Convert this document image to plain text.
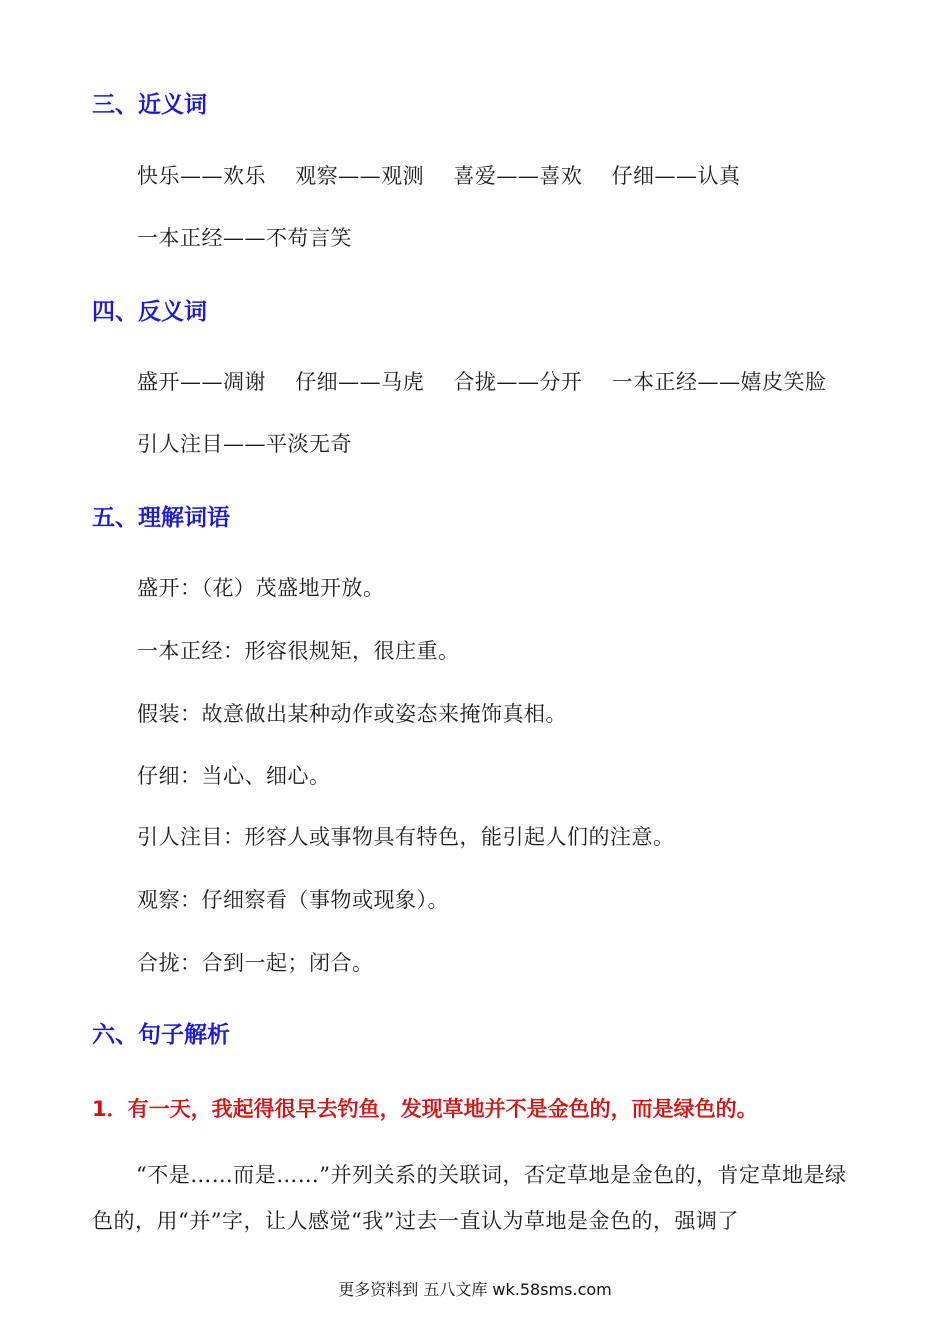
三、近义词
快乐——欢乐 观察——观测 喜爱——喜欢 仔细——认真
一本正经——不苟言笑
四、反义词
盛开——凋谢 仔细——马虎 合拢——分开 一本正经——嬉皮笑脸
引人注目——平淡无奇
五、理解词语
盛开：（花）茂盛地开放。
一本正经：形容很规矩，很庄重。
假装：故意做出某种动作或姿态来掩饰真相。
仔细：当心、细心。
引人注目：形容人或事物具有特色，能引起人们的注意。
观察：仔细察看（事物或现象）。
合拢：合到一起；闭合。
六、句子解析
1．有一天，我起得很早去钓鱼，发现草地并不是金色的，而是绿色的。
“不是……而是……”并列关系的关联词，否定草地是金色的，肯定草地是绿色的，用“并”字，让人感觉“我”过去一直认为草地是金色的，强调了
更多资料到 五八文库 wk.58sms.com
